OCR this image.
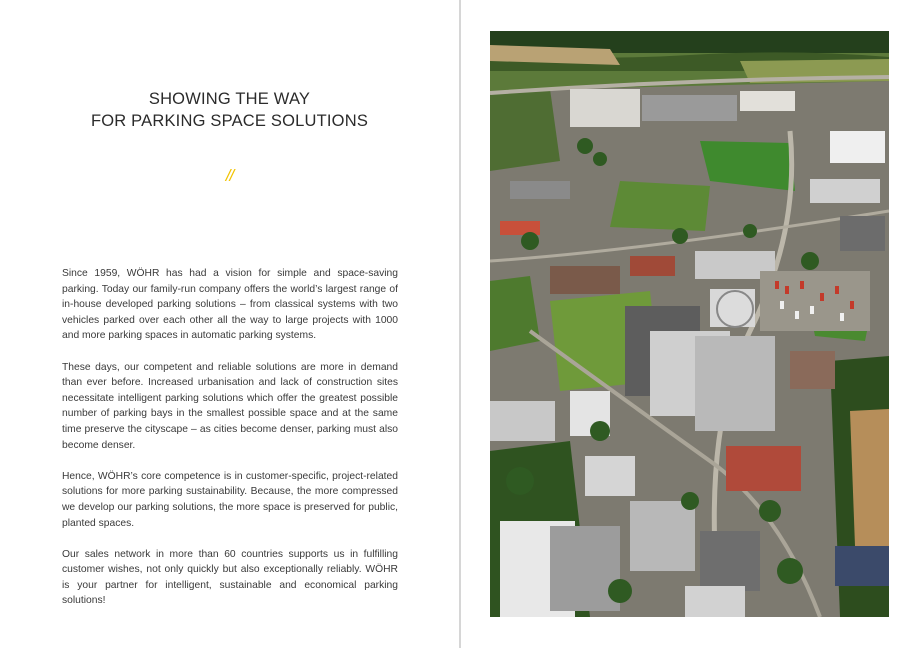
SHOWING THE WAY
FOR PARKING SPACE SOLUTIONS
//

Since 1959, WÖHR has had a vision for simple and space-saving parking. Today our family-run company offers the world’s largest range of in-house developed parking solutions – from classical systems with two vehicles parked over each other all the way to large projects with 1000 and more parking spaces in automatic parking systems.

These days, our competent and reliable solutions are more in demand than ever before. Increased urbanisation and lack of construction sites necessitate intelligent parking solutions which offer the greatest possible number of parking bays in the smallest possible space and at the same time preserve the cityscape – as cities become denser, parking must also become denser.

Hence, WÖHR’s core competence is in customer-specific, project-related solutions for more parking sustainability. Because, the more compressed we develop our parking solutions, the more space is preserved for public, planted spaces.

Our sales network in more than 60 countries supports us in fulfilling customer wishes, not only quickly but also exceptionally reliably. WÖHR is your partner for intelligent, sustainable and economical parking solutions!
